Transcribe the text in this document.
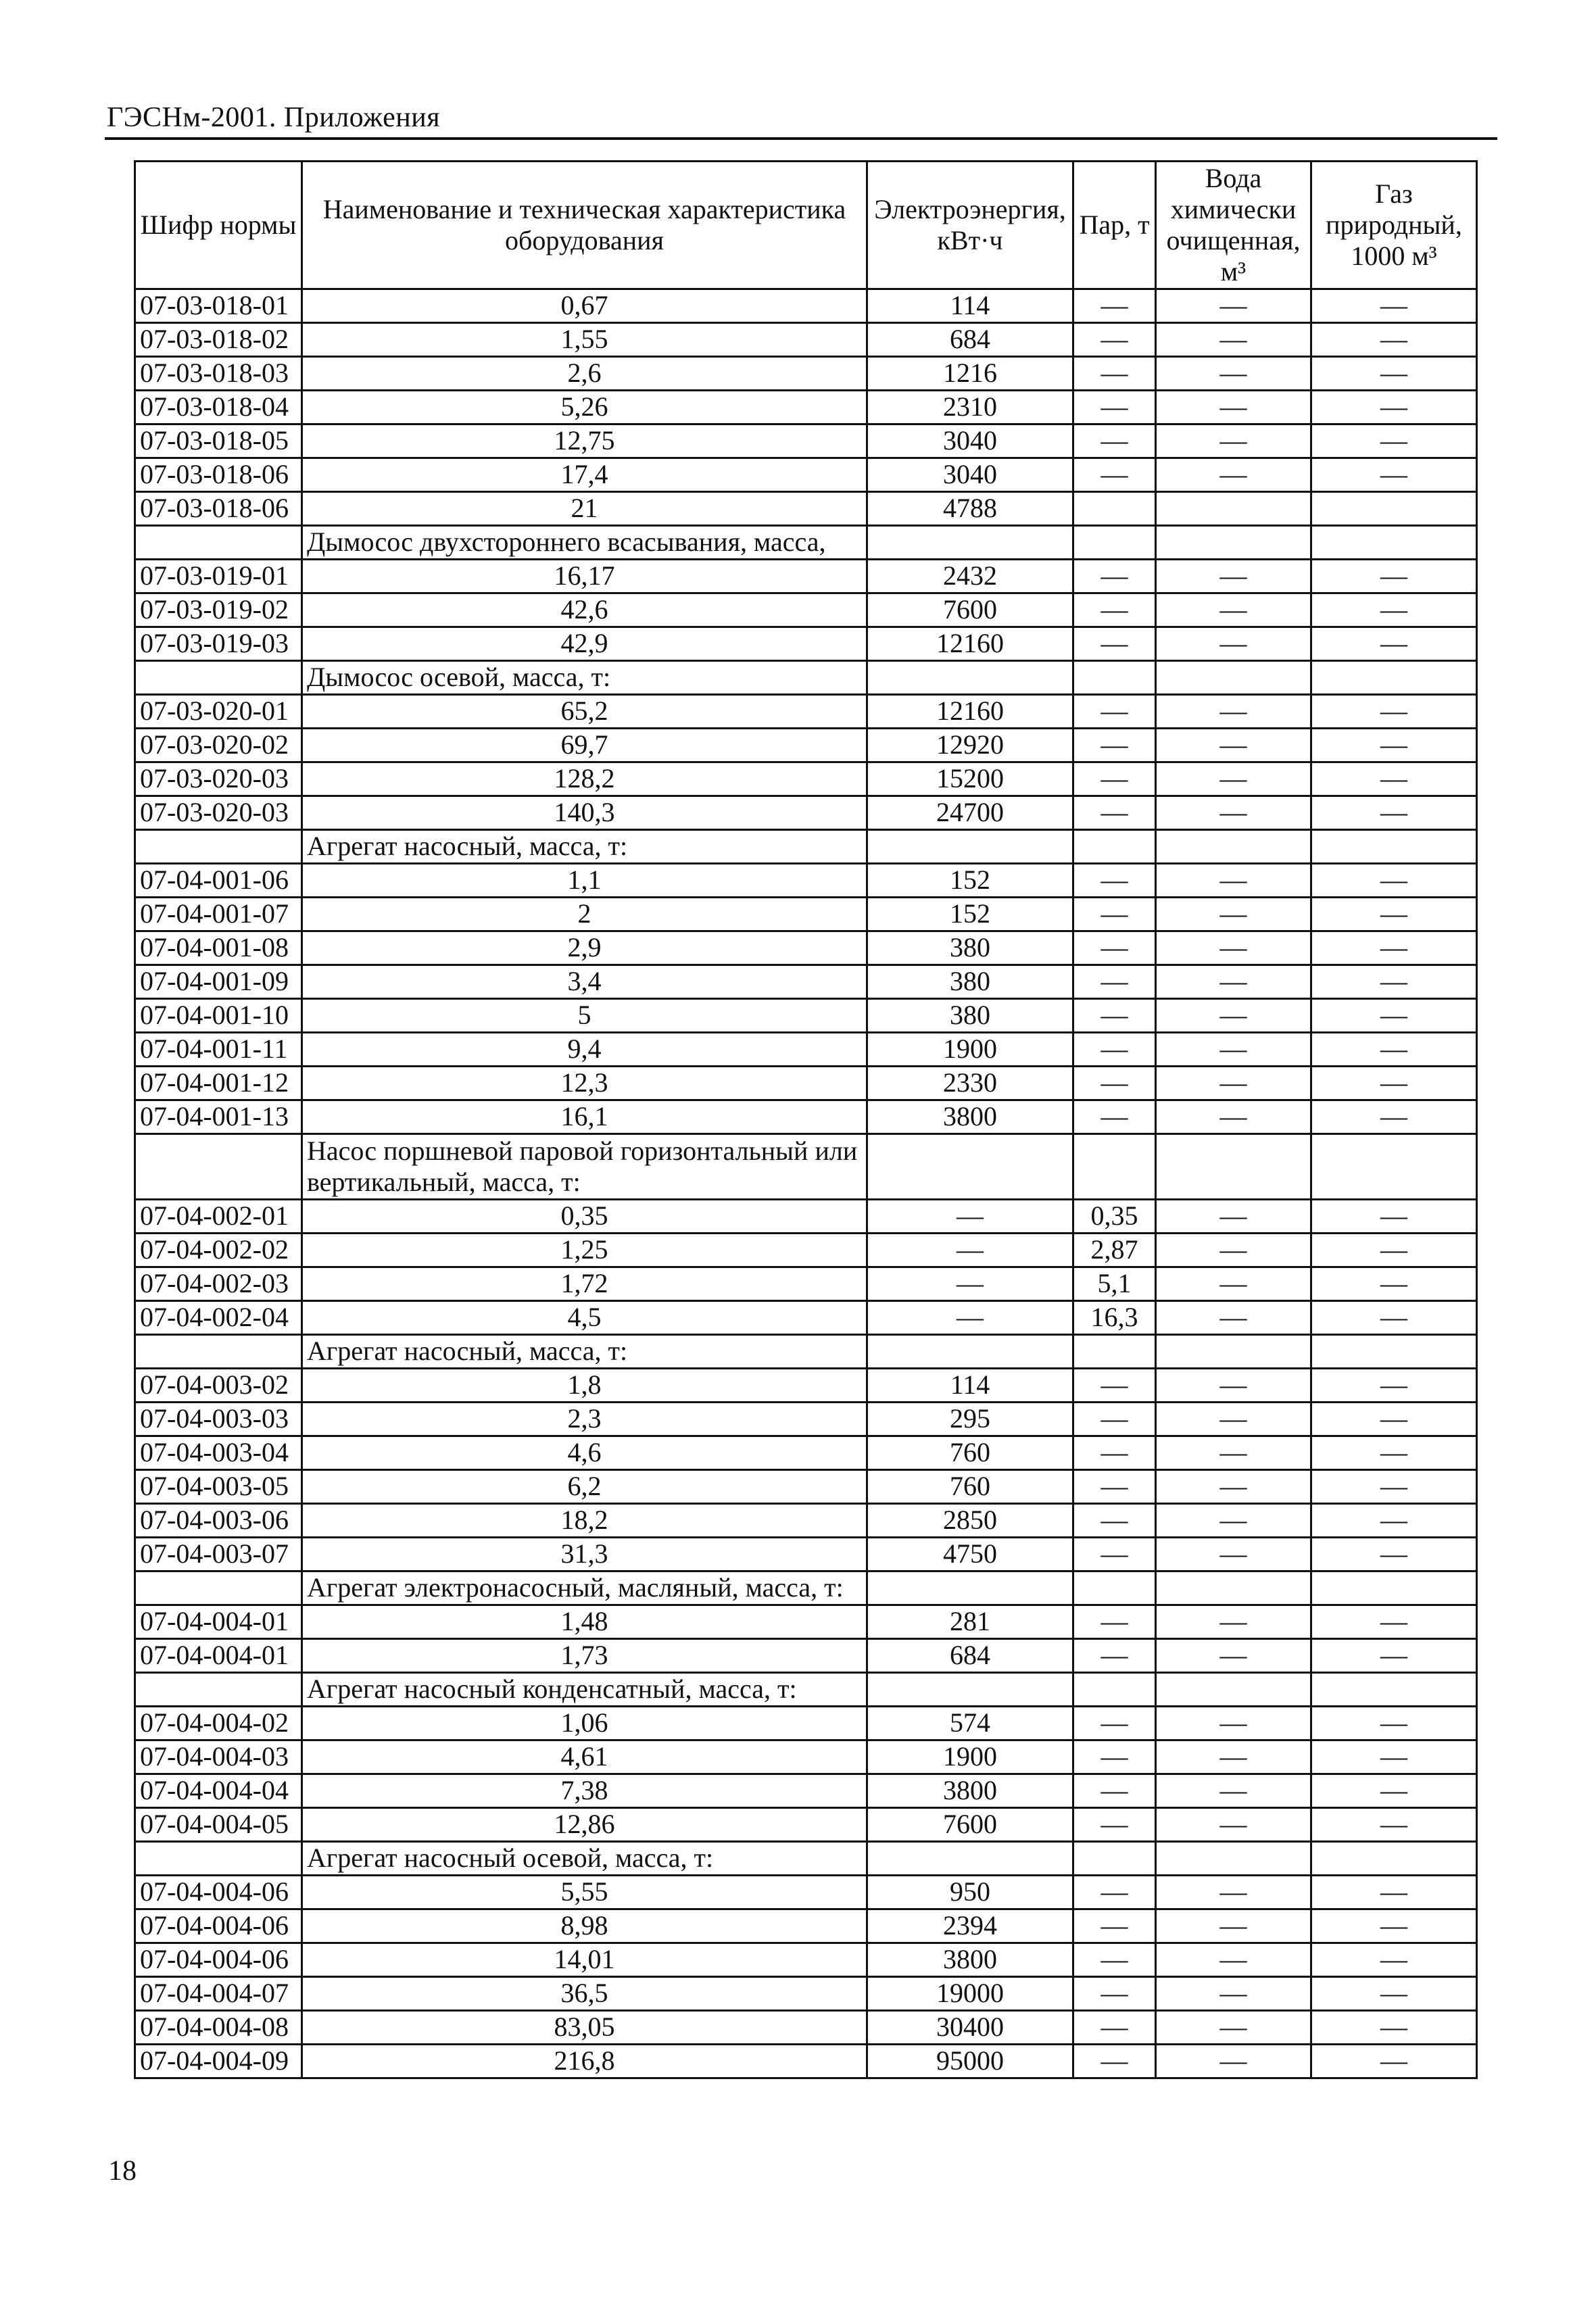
ГЭСНм-2001. Приложения
Шифр нормы	Наименование и техническая характеристика оборудования	Электроэнергия, кВт·ч	Пар, т	Вода химически очищенная, м³	Газ природный, 1000 м³
07-03-018-01	0,67	114	—	—	—
07-03-018-02	1,55	684	—	—	—
07-03-018-03	2,6	1216	—	—	—
07-03-018-04	5,26	2310	—	—	—
07-03-018-05	12,75	3040	—	—	—
07-03-018-06	17,4	3040	—	—	—
07-03-018-06	21	4788			
	Дымосос двухстороннего всасывания, масса,				
07-03-019-01	16,17	2432	—	—	—
07-03-019-02	42,6	7600	—	—	—
07-03-019-03	42,9	12160	—	—	—
	Дымосос осевой, масса, т:				
07-03-020-01	65,2	12160	—	—	—
07-03-020-02	69,7	12920	—	—	—
07-03-020-03	128,2	15200	—	—	—
07-03-020-03	140,3	24700	—	—	—
	Агрегат насосный, масса, т:				
07-04-001-06	1,1	152	—	—	—
07-04-001-07	2	152	—	—	—
07-04-001-08	2,9	380	—	—	—
07-04-001-09	3,4	380	—	—	—
07-04-001-10	5	380	—	—	—
07-04-001-11	9,4	1900	—	—	—
07-04-001-12	12,3	2330	—	—	—
07-04-001-13	16,1	3800	—	—	—
	Насос поршневой паровой горизонтальный или вертикальный, масса, т:				
07-04-002-01	0,35	—	0,35	—	—
07-04-002-02	1,25	—	2,87	—	—
07-04-002-03	1,72	—	5,1	—	—
07-04-002-04	4,5	—	16,3	—	—
	Агрегат насосный, масса, т:				
07-04-003-02	1,8	114	—	—	—
07-04-003-03	2,3	295	—	—	—
07-04-003-04	4,6	760	—	—	—
07-04-003-05	6,2	760	—	—	—
07-04-003-06	18,2	2850	—	—	—
07-04-003-07	31,3	4750	—	—	—
	Агрегат электронасосный, масляный, масса, т:				
07-04-004-01	1,48	281	—	—	—
07-04-004-01	1,73	684	—	—	—
	Агрегат насосный конденсатный, масса, т:				
07-04-004-02	1,06	574	—	—	—
07-04-004-03	4,61	1900	—	—	—
07-04-004-04	7,38	3800	—	—	—
07-04-004-05	12,86	7600	—	—	—
	Агрегат насосный осевой, масса, т:				
07-04-004-06	5,55	950	—	—	—
07-04-004-06	8,98	2394	—	—	—
07-04-004-06	14,01	3800	—	—	—
07-04-004-07	36,5	19000	—	—	—
07-04-004-08	83,05	30400	—	—	—
07-04-004-09	216,8	95000	—	—	—
18
